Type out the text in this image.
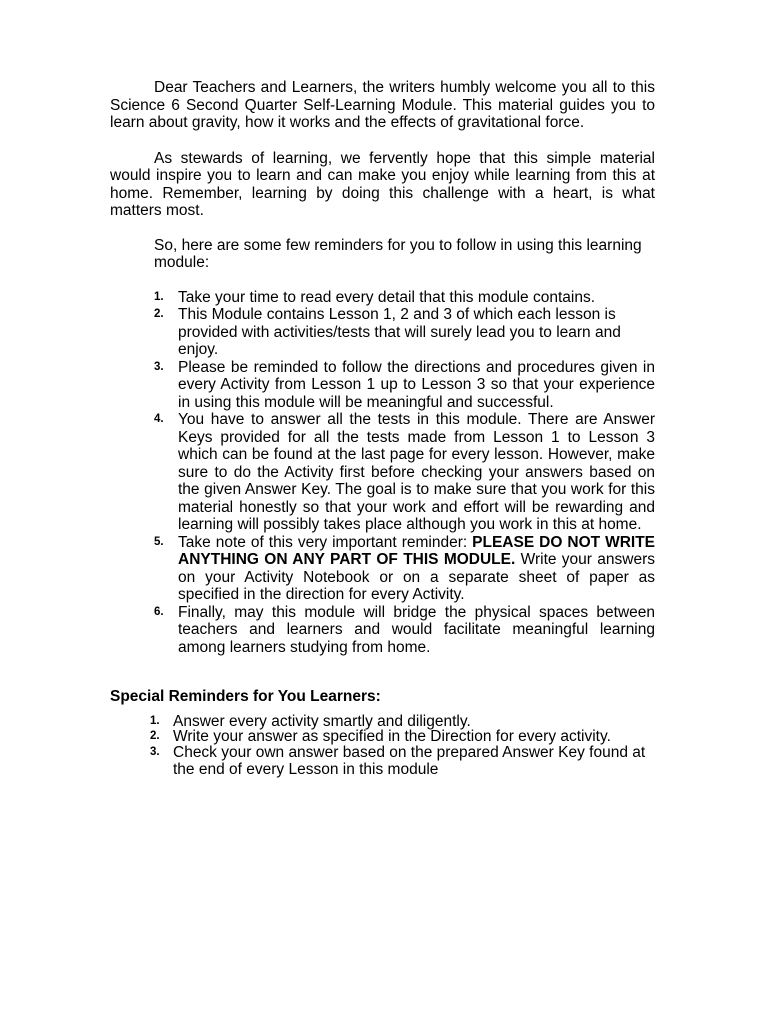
Dear Teachers and Learners, the writers humbly welcome you all to this Science 6 Second Quarter Self-Learning Module. This material guides you to learn about gravity, how it works and the effects of gravitational force.

As stewards of learning, we fervently hope that this simple material would inspire you to learn and can make you enjoy while learning from this at home. Remember, learning by doing this challenge with a heart, is what matters most.

So, here are some few reminders for you to follow in using this learning module:

1. Take your time to read every detail that this module contains.
2. This Module contains Lesson 1, 2 and 3 of which each lesson is provided with activities/tests that will surely lead you to learn and enjoy.
3. Please be reminded to follow the directions and procedures given in every Activity from Lesson 1 up to Lesson 3 so that your experience in using this module will be meaningful and successful.
4. You have to answer all the tests in this module. There are Answer Keys provided for all the tests made from Lesson 1 to Lesson 3 which can be found at the last page for every lesson. However, make sure to do the Activity first before checking your answers based on the given Answer Key. The goal is to make sure that you work for this material honestly so that your work and effort will be rewarding and learning will possibly takes place although you work in this at home.
5. Take note of this very important reminder: PLEASE DO NOT WRITE ANYTHING ON ANY PART OF THIS MODULE. Write your answers on your Activity Notebook or on a separate sheet of paper as specified in the direction for every Activity.
6. Finally, may this module will bridge the physical spaces between teachers and learners and would facilitate meaningful learning among learners studying from home.

Special Reminders for You Learners:

1. Answer every activity smartly and diligently.
2. Write your answer as specified in the Direction for every activity.
3. Check your own answer based on the prepared Answer Key found at the end of every Lesson in this module
